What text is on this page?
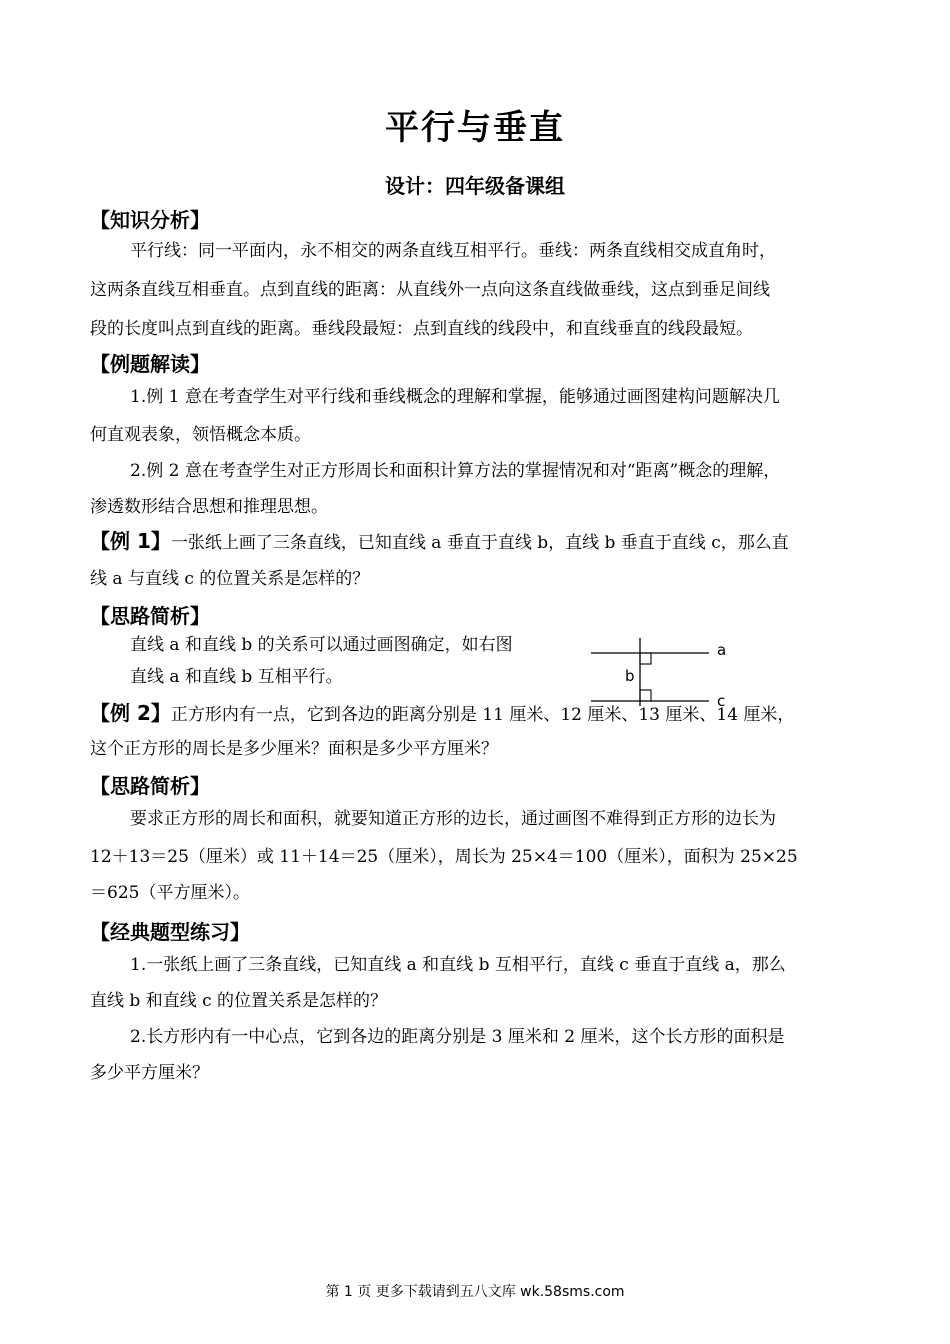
平行与垂直
设计：四年级备课组
【知识分析】
平行线：同一平面内，永不相交的两条直线互相平行。垂线：两条直线相交成直角时，
这两条直线互相垂直。点到直线的距离：从直线外一点向这条直线做垂线，这点到垂足间线
段的长度叫点到直线的距离。垂线段最短：点到直线的线段中，和直线垂直的线段最短。
【例题解读】
1.例 1 意在考查学生对平行线和垂线概念的理解和掌握，能够通过画图建构问题解决几
何直观表象，领悟概念本质。
2.例 2 意在考查学生对正方形周长和面积计算方法的掌握情况和对“距离”概念的理解，
渗透数形结合思想和推理思想。
【例 1】一张纸上画了三条直线，已知直线 a 垂直于直线 b，直线 b 垂直于直线 c，那么直
线 a 与直线 c 的位置关系是怎样的？
【思路简析】
直线 a 和直线 b 的关系可以通过画图确定，如右图
直线 a 和直线 b 互相平行。
a
b
c
【例 2】正方形内有一点，它到各边的距离分别是 11 厘米、12 厘米、13 厘米、14 厘米，
这个正方形的周长是多少厘米？面积是多少平方厘米？
【思路简析】
要求正方形的周长和面积，就要知道正方形的边长，通过画图不难得到正方形的边长为
12＋13＝25（厘米）或 11＋14＝25（厘米），周长为 25×4＝100（厘米），面积为 25×25
＝625（平方厘米）。
【经典题型练习】
1.一张纸上画了三条直线，已知直线 a 和直线 b 互相平行，直线 c 垂直于直线 a，那么
直线 b 和直线 c 的位置关系是怎样的？
2.长方形内有一中心点，它到各边的距离分别是 3 厘米和 2 厘米，这个长方形的面积是
多少平方厘米？
第 1 页 更多下载请到五八文库 wk.58sms.com
